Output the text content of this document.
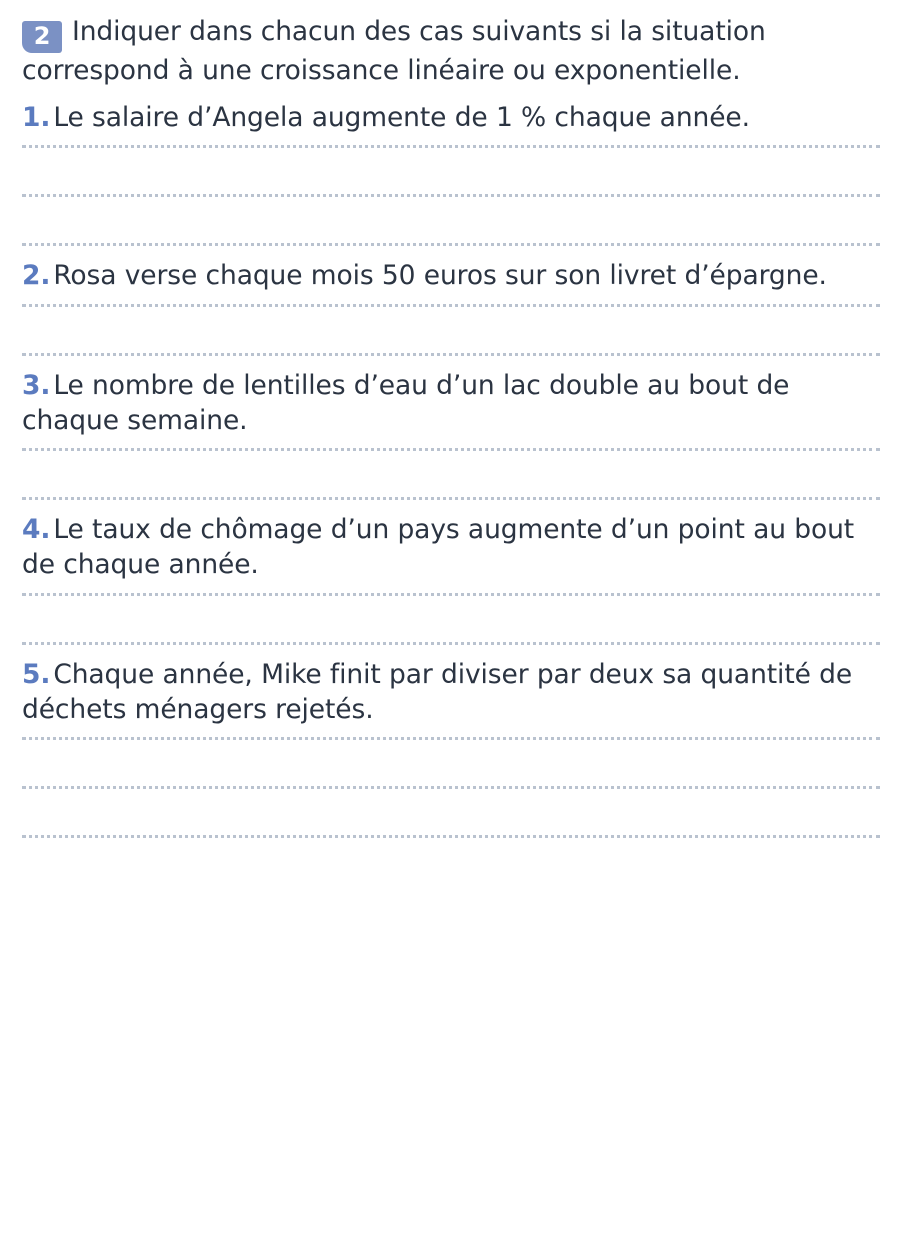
2 Indiquer dans chacun des cas suivants si la situation correspond à une croissance linéaire ou exponentielle.
1. Le salaire d’Angela augmente de 1 % chaque année.
2. Rosa verse chaque mois 50 euros sur son livret d’épargne.
3. Le nombre de lentilles d’eau d’un lac double au bout de chaque semaine.
4. Le taux de chômage d’un pays augmente d’un point au bout de chaque année.
5. Chaque année, Mike finit par diviser par deux sa quantité de déchets ménagers rejetés.
